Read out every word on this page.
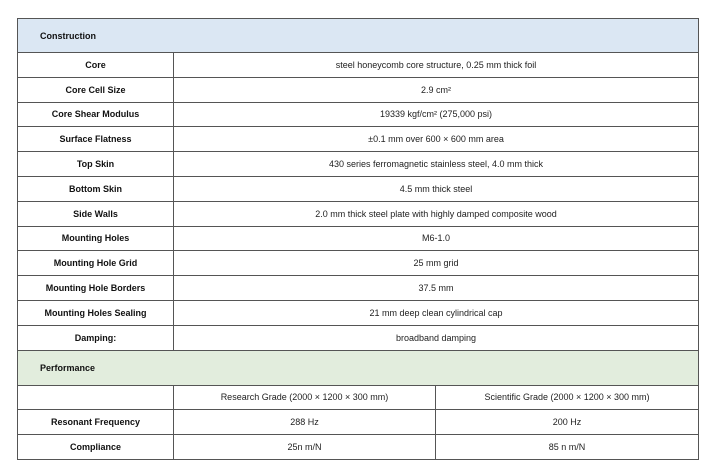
Construction		
Core	steel honeycomb core structure, 0.25 mm thick foil	
Core Cell Size	2.9 cm²	
Core Shear Modulus	19339 kgf/cm² (275,000 psi)	
Surface Flatness	±0.1 mm over 600 × 600 mm area	
Top Skin	430 series ferromagnetic stainless steel, 4.0 mm thick	
Bottom Skin	4.5 mm thick steel	
Side Walls	2.0 mm thick steel plate with highly damped composite wood	
Mounting Holes	M6-1.0	
Mounting Hole Grid	25 mm grid	
Mounting Hole Borders	37.5 mm	
Mounting Holes Sealing	21 mm deep clean cylindrical cap	
Damping:	broadband damping	
Performance		
	Research Grade (2000 × 1200 × 300 mm)	Scientific Grade (2000 × 1200 × 300 mm)
Resonant Frequency	288 Hz	200 Hz
Compliance	25n m/N	85 n m/N
